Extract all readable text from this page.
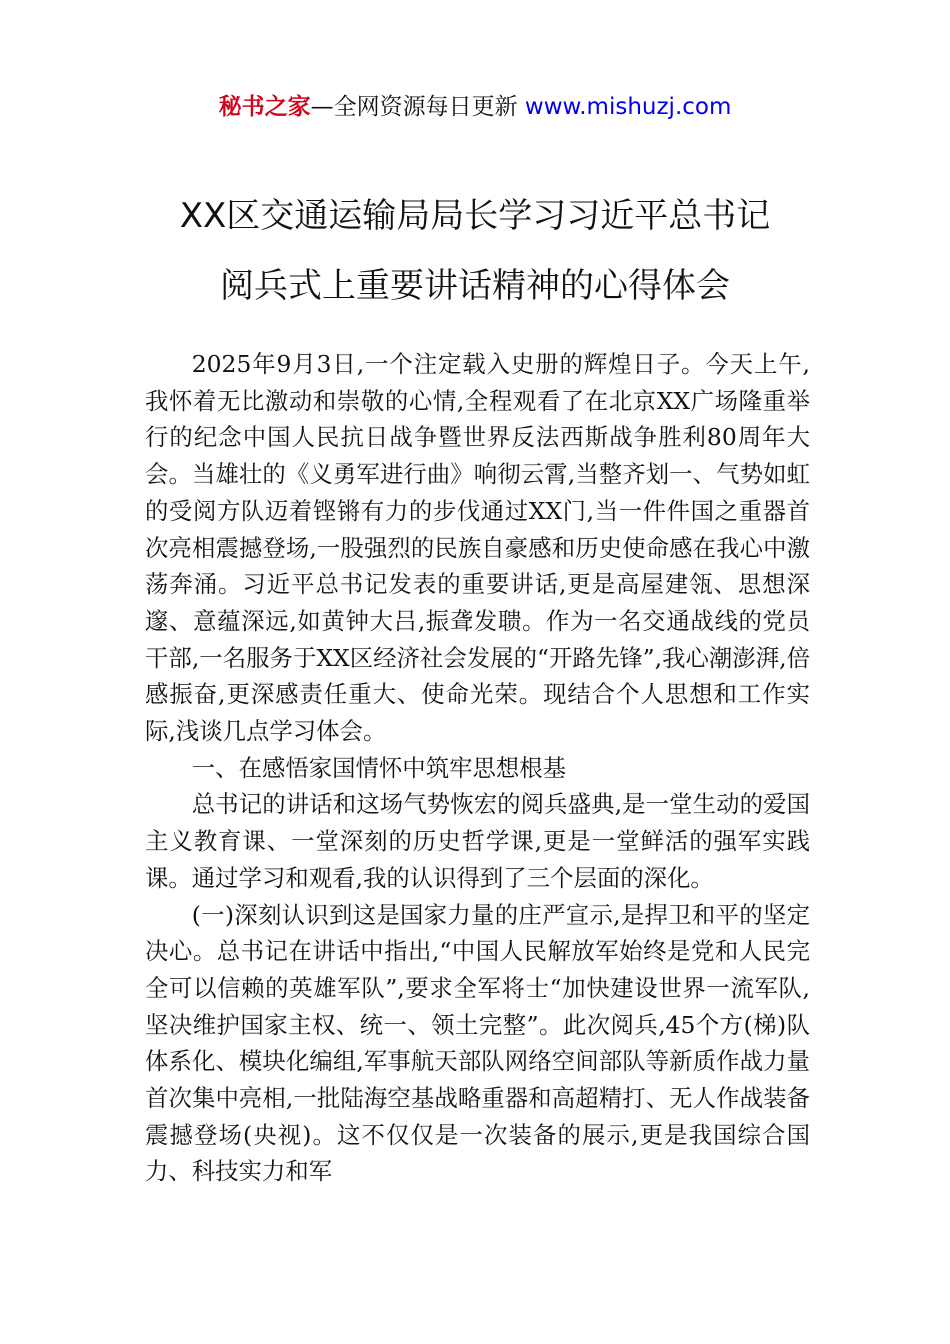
秘书之家—全网资源每日更新 www.mishuzj.com
XX区交通运输局局长学习习近平总书记
阅兵式上重要讲话精神的心得体会

2025年9月3日,一个注定载入史册的辉煌日子。今天上午,我怀着无比激动和崇敬的心情,全程观看了在北京XX广场隆重举行的纪念中国人民抗日战争暨世界反法西斯战争胜利80周年大会。当雄壮的《义勇军进行曲》响彻云霄,当整齐划一、气势如虹的受阅方队迈着铿锵有力的步伐通过XX门,当一件件国之重器首次亮相震撼登场,一股强烈的民族自豪感和历史使命感在我心中激荡奔涌。习近平总书记发表的重要讲话,更是高屋建瓴、思想深邃、意蕴深远,如黄钟大吕,振聋发聩。作为一名交通战线的党员干部,一名服务于XX区经济社会发展的“开路先锋”,我心潮澎湃,倍感振奋,更深感责任重大、使命光荣。现结合个人思想和工作实际,浅谈几点学习体会。

一、在感悟家国情怀中筑牢思想根基

总书记的讲话和这场气势恢宏的阅兵盛典,是一堂生动的爱国主义教育课、一堂深刻的历史哲学课,更是一堂鲜活的强军实践课。通过学习和观看,我的认识得到了三个层面的深化。

(一)深刻认识到这是国家力量的庄严宣示,是捍卫和平的坚定决心。总书记在讲话中指出,“中国人民解放军始终是党和人民完全可以信赖的英雄军队”,要求全军将士“加快建设世界一流军队,坚决维护国家主权、统一、领土完整”。此次阅兵,45个方(梯)队体系化、模块化编组,军事航天部队网络空间部队等新质作战力量首次集中亮相,一批陆海空基战略重器和高超精打、无人作战装备震撼登场(央视)。这不仅仅是一次装备的展示,更是我国综合国力、科技实力和军
